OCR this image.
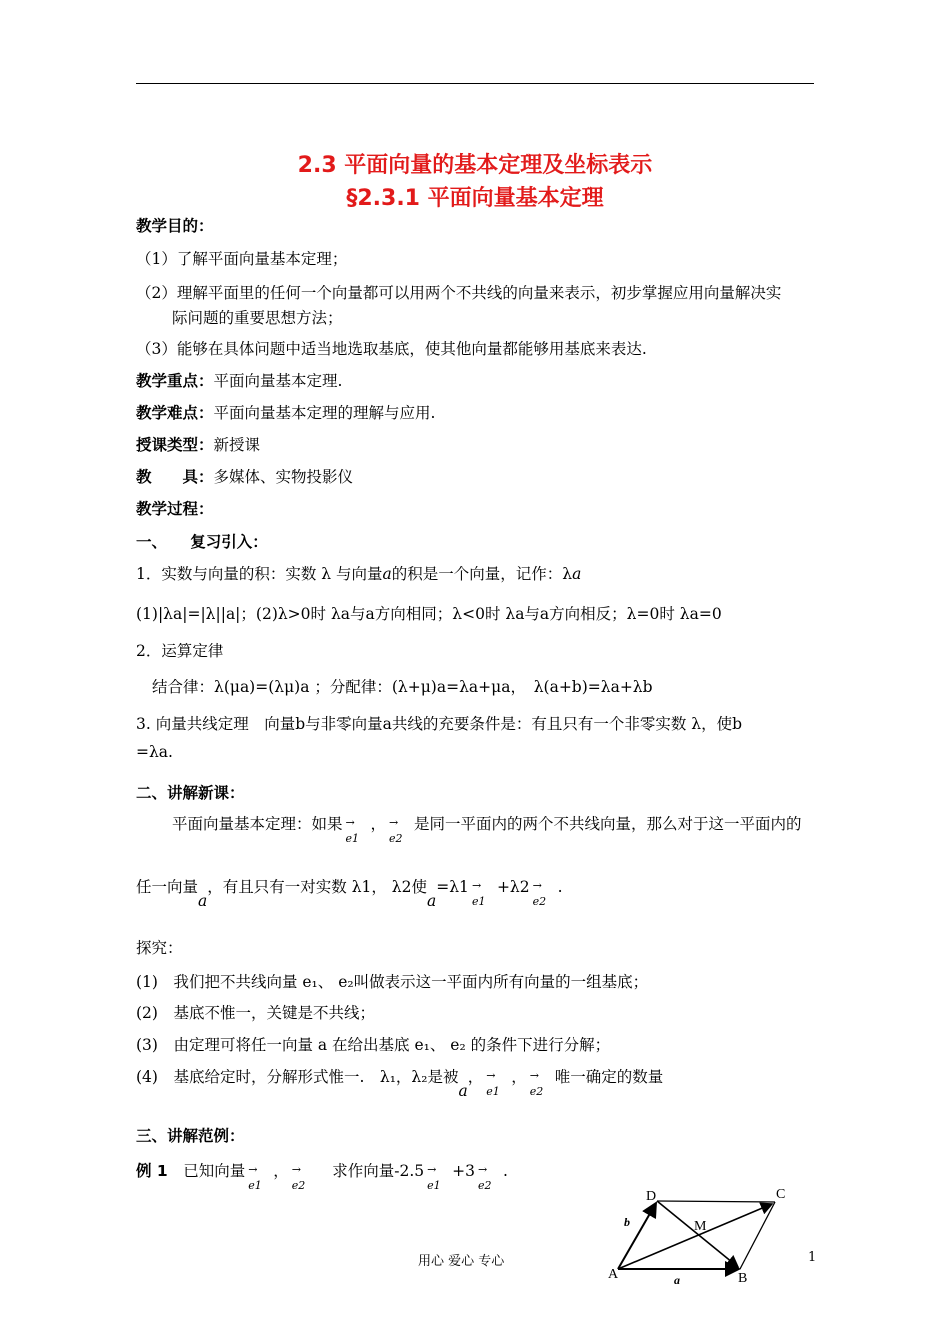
2.3 平面向量的基本定理及坐标表示
§2.3.1 平面向量基本定理
教学目的：
（1）了解平面向量基本定理；
（2）理解平面里的任何一个向量都可以用两个不共线的向量来表示，初步掌握应用向量解决实
际问题的重要思想方法；
（3）能够在具体问题中适当地选取基底，使其他向量都能够用基底来表达.
教学重点：平面向量基本定理.
教学难点：平面向量基本定理的理解与应用.
授课类型：新授课
教　　具：多媒体、实物投影仪
教学过程：
一、　　复习引入：
1．实数与向量的积：实数 λ 与向量a的积是一个向量，记作：λa
(1)|λa|=|λ||a|；(2)λ>0时 λa与a方向相同；λ<0时 λa与a方向相反；λ=0时 λa=0
2．运算定律
结合律：λ(μa)=(λμ)a ；分配律：(λ+μ)a=λa+μa，　λ(a+b)=λa+λb
3. 向量共线定理　向量b与非零向量a共线的充要条件是：有且只有一个非零实数 λ，使b
=λa.
二、讲解新课：
平面向量基本定理：如果 →
e1
， →
e2
是同一平面内的两个不共线向量，那么对于这一平面内的
任一向量a，有且只有一对实数 λ1， λ2使a=λ1 →
e1
+λ2 →
e2
.
探究：
(1)　我们把不共线向量 e₁、 e₂叫做表示这一平面内所有向量的一组基底；
(2)　基底不惟一，关键是不共线；
(3)　由定理可将任一向量 a 在给出基底 e₁、 e₂ 的条件下进行分解；
(4)　基底给定时，分解形式惟一.　λ₁，λ₂是被a， →
e1
， →
e2
唯一确定的数量
三、讲解范例：
例 1　 已知向量 →
e1
， →
e2
　求作向量-2.5 →
e1
+3 →
e2
.
A	B
C
D
M
a
b
用心 爱心 专心	1
